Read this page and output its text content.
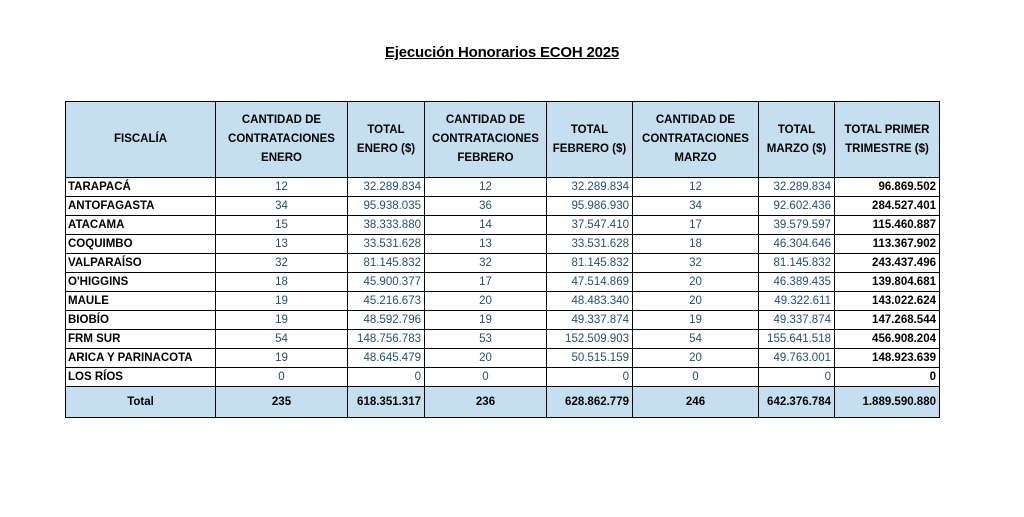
Ejecución Honorarios ECOH 2025
FISCALÍA	CANTIDAD DE CONTRATACIONES ENERO	TOTAL ENERO ($)	CANTIDAD DE CONTRATACIONES FEBRERO	TOTAL FEBRERO ($)	CANTIDAD DE CONTRATACIONES MARZO	TOTAL MARZO ($)	TOTAL PRIMER TRIMESTRE ($)
TARAPACÁ	12	32.289.834	12	32.289.834	12	32.289.834	96.869.502
ANTOFAGASTA	34	95.938.035	36	95.986.930	34	92.602.436	284.527.401
ATACAMA	15	38.333.880	14	37.547.410	17	39.579.597	115.460.887
COQUIMBO	13	33.531.628	13	33.531.628	18	46.304.646	113.367.902
VALPARAÍSO	32	81.145.832	32	81.145.832	32	81.145.832	243.437.496
O'HIGGINS	18	45.900.377	17	47.514.869	20	46.389.435	139.804.681
MAULE	19	45.216.673	20	48.483.340	20	49.322.611	143.022.624
BIOBÍO	19	48.592.796	19	49.337.874	19	49.337.874	147.268.544
FRM SUR	54	148.756.783	53	152.509.903	54	155.641.518	456.908.204
ARICA Y PARINACOTA	19	48.645.479	20	50.515.159	20	49.763.001	148.923.639
LOS RÍOS	0	0	0	0	0	0	0
Total	235	618.351.317	236	628.862.779	246	642.376.784	1.889.590.880
